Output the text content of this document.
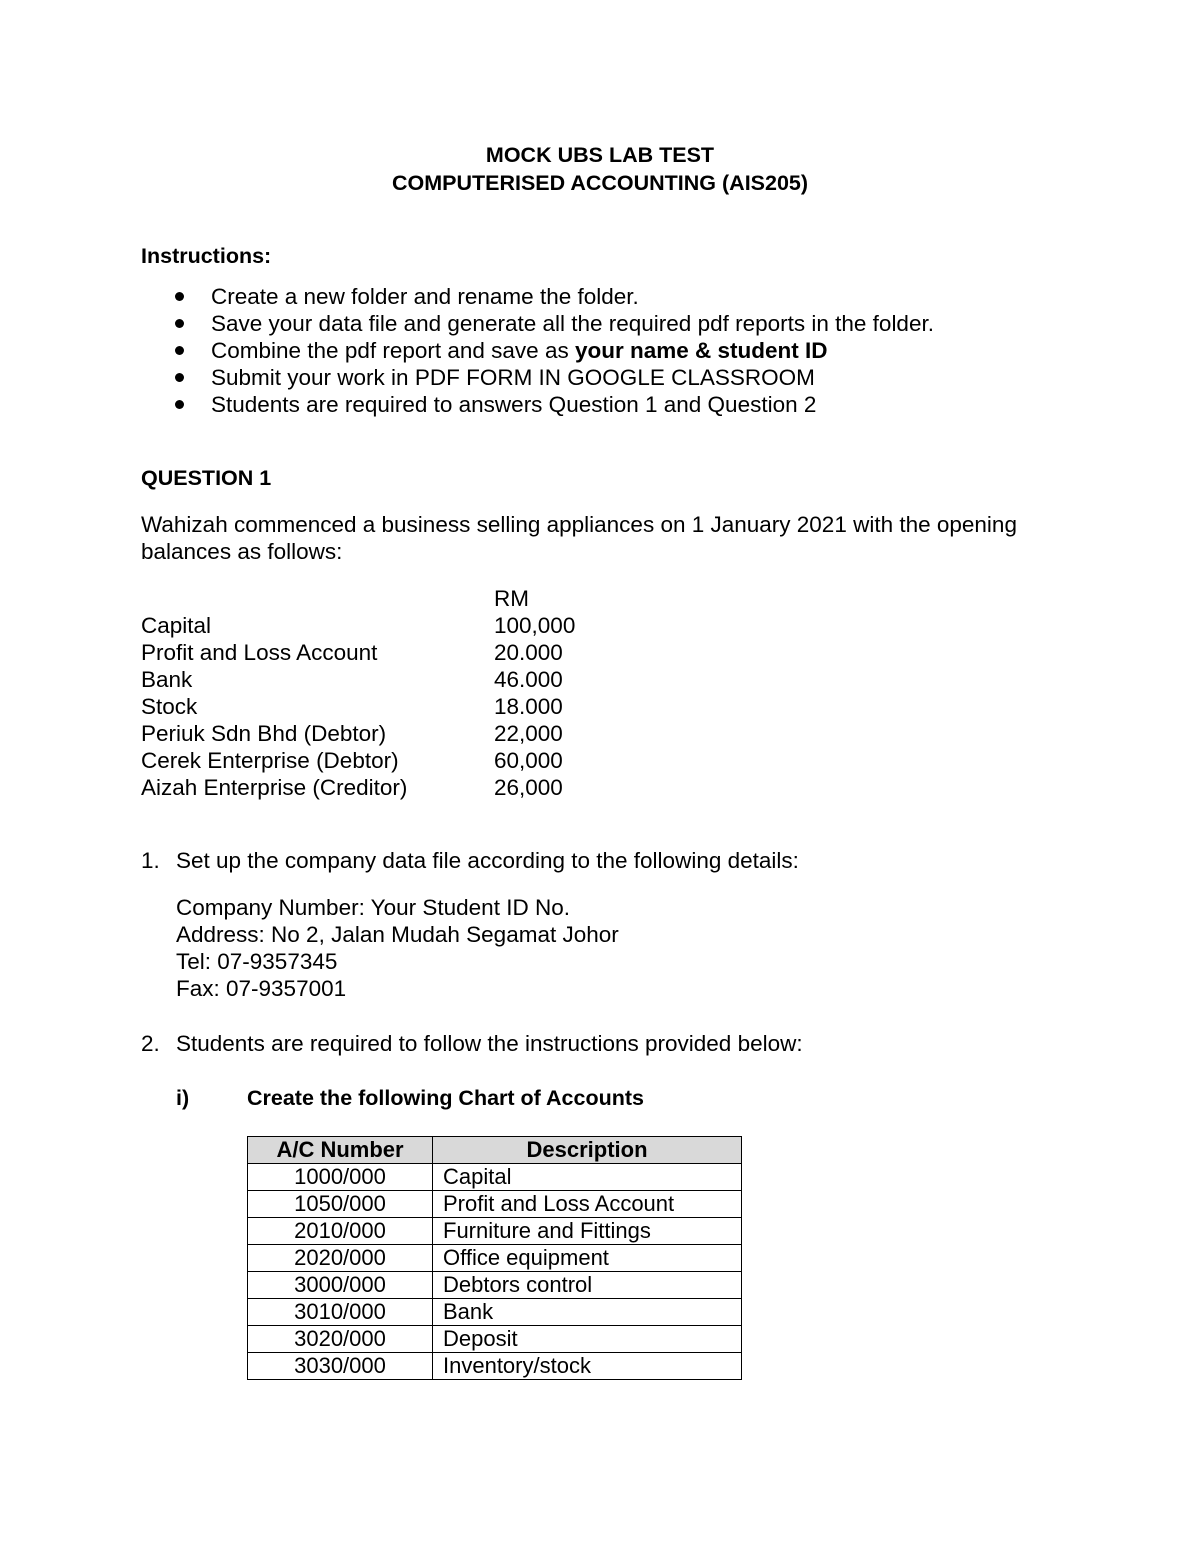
MOCK UBS LAB TEST
COMPUTERISED ACCOUNTING (AIS205)
Instructions:
Create a new folder and rename the folder.
Save your data file and generate all the required pdf reports in the folder.
Combine the pdf report and save as your name & student ID
Submit your work in PDF FORM IN GOOGLE CLASSROOM
Students are required to answers Question 1 and Question 2
QUESTION 1
Wahizah commenced a business selling appliances on 1 January 2021 with the opening
balances as follows:
RM
Capital	100,000
Profit and Loss Account	20.000
Bank	46.000
Stock	18.000
Periuk Sdn Bhd (Debtor)	22,000
Cerek Enterprise (Debtor)	60,000
Aizah Enterprise (Creditor)	26,000
1. Set up the company data file according to the following details:
Company Number: Your Student ID No.
Address: No 2, Jalan Mudah Segamat Johor
Tel: 07-9357345
Fax: 07-9357001
2. Students are required to follow the instructions provided below:
i)	Create the following Chart of Accounts
A/C Number	Description
1000/000	Capital
1050/000	Profit and Loss Account
2010/000	Furniture and Fittings
2020/000	Office equipment
3000/000	Debtors control
3010/000	Bank
3020/000	Deposit
3030/000	Inventory/stock
